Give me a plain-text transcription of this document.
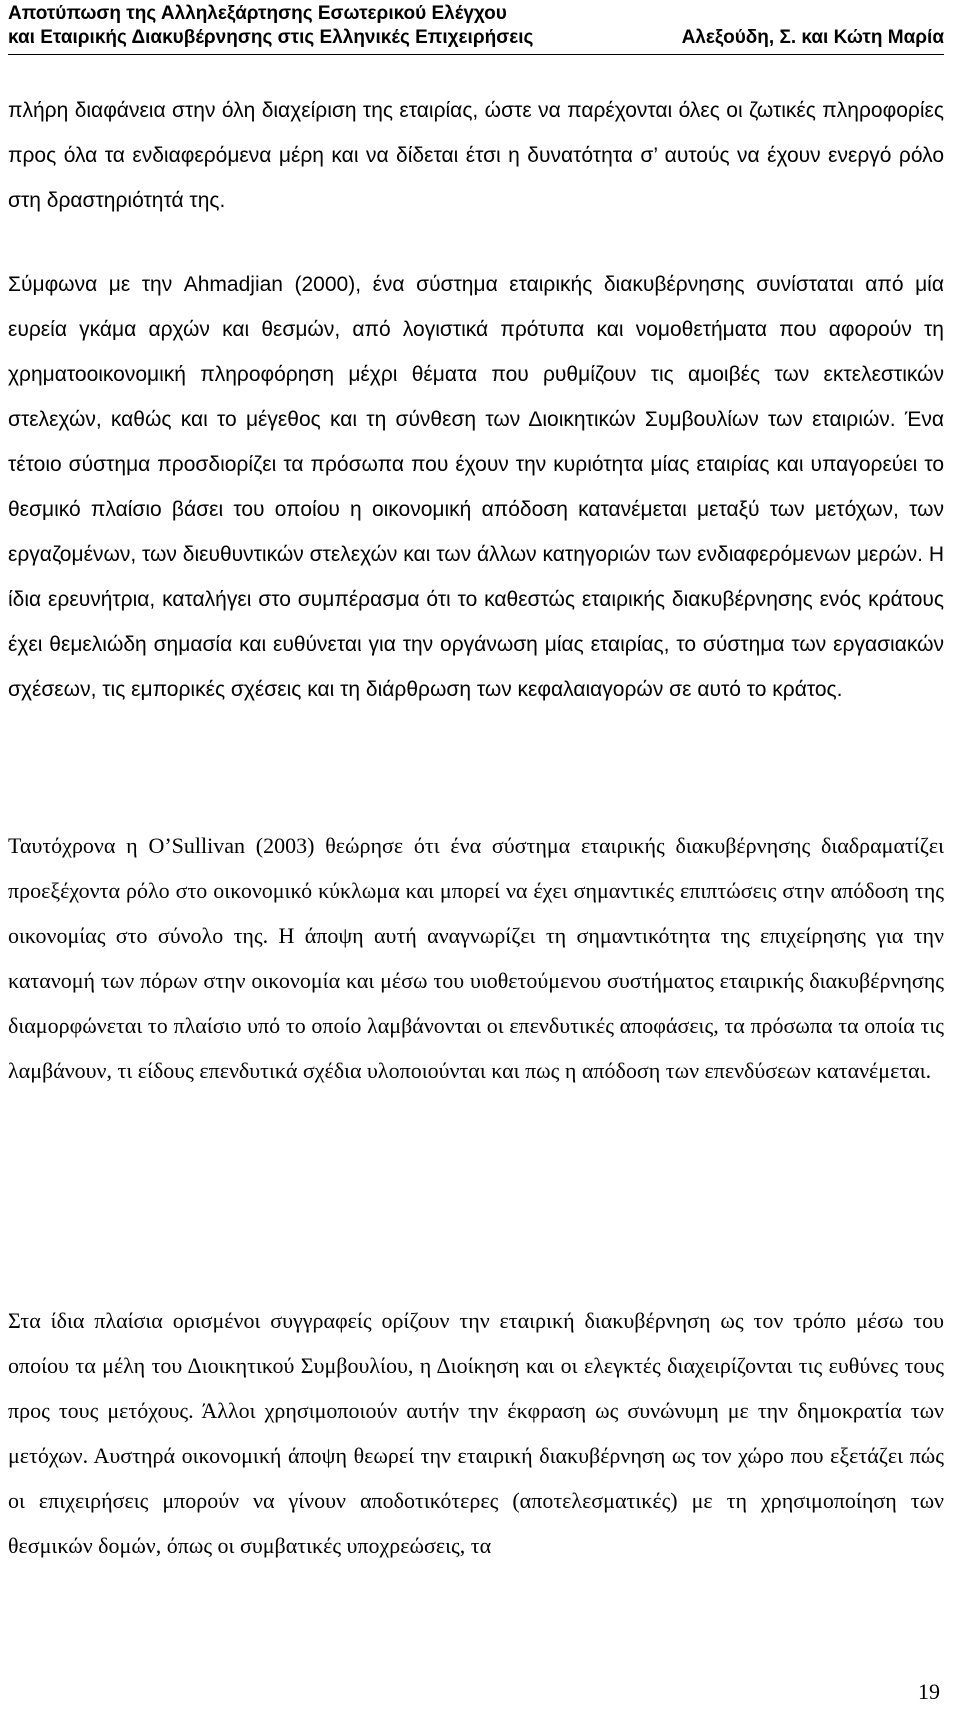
Αποτύπωση της Αλληλεξάρτησης Εσωτερικού Ελέγχου
και Εταιρικής Διακυβέρνησης στις Ελληνικές Επιχειρήσεις	Αλεξούδη, Σ. και Κώτη Μαρία

πλήρη διαφάνεια στην όλη διαχείριση της εταιρίας, ώστε να παρέχονται όλες οι ζωτικές πληροφορίες προς όλα τα ενδιαφερόμενα μέρη και να δίδεται έτσι η δυνατότητα σ’ αυτούς να έχουν ενεργό ρόλο στη δραστηριότητά της.

Σύμφωνα με την Ahmadjian (2000), ένα σύστημα εταιρικής διακυβέρνησης συνίσταται από μία ευρεία γκάμα αρχών και θεσμών, από λογιστικά πρότυπα και νομοθετήματα που αφορούν τη χρηματοοικονομική πληροφόρηση μέχρι θέματα που ρυθμίζουν τις αμοιβές των εκτελεστικών στελεχών, καθώς και το μέγεθος και τη σύνθεση των Διοικητικών Συμβουλίων των εταιριών. Ένα τέτοιο σύστημα προσδιορίζει τα πρόσωπα που έχουν την κυριότητα μίας εταιρίας και υπαγορεύει το θεσμικό πλαίσιο βάσει του οποίου η οικονομική απόδοση κατανέμεται μεταξύ των μετόχων, των εργαζομένων, των διευθυντικών στελεχών και των άλλων κατηγοριών των ενδιαφερόμενων μερών. Η ίδια ερευνήτρια, καταλήγει στο συμπέρασμα ότι το καθεστώς εταιρικής διακυβέρνησης ενός κράτους έχει θεμελιώδη σημασία και ευθύνεται για την οργάνωση μίας εταιρίας, το σύστημα των εργασιακών σχέσεων, τις εμπορικές σχέσεις και τη διάρθρωση των κεφαλαιαγορών σε αυτό το κράτος.

Ταυτόχρονα η O’Sullivan (2003) θεώρησε ότι ένα σύστημα εταιρικής διακυβέρνησης διαδραματίζει προεξέχοντα ρόλο στο οικονομικό κύκλωμα και μπορεί να έχει σημαντικές επιπτώσεις στην απόδοση της οικονομίας στο σύνολο της. Η άποψη αυτή αναγνωρίζει τη σημαντικότητα της επιχείρησης για την κατανομή των πόρων στην οικονομία και μέσω του υιοθετούμενου συστήματος εταιρικής διακυβέρνησης διαμορφώνεται το πλαίσιο υπό το οποίο λαμβάνονται οι επενδυτικές αποφάσεις, τα πρόσωπα τα οποία τις λαμβάνουν, τι είδους επενδυτικά σχέδια υλοποιούνται και πως η απόδοση των επενδύσεων κατανέμεται.

Στα ίδια πλαίσια ορισμένοι συγγραφείς ορίζουν την εταιρική διακυβέρνηση ως τον τρόπο μέσω του οποίου τα μέλη του Διοικητικού Συμβουλίου, η Διοίκηση και οι ελεγκτές διαχειρίζονται τις ευθύνες τους προς τους μετόχους. Άλλοι χρησιμοποιούν αυτήν την έκφραση ως συνώνυμη με την δημοκρατία των μετόχων. Αυστηρά οικονομική άποψη θεωρεί την εταιρική διακυβέρνηση ως τον χώρο που εξετάζει πώς οι επιχειρήσεις μπορούν να γίνουν αποδοτικότερες (αποτελεσματικές) με τη χρησιμοποίηση των θεσμικών δομών, όπως οι συμβατικές υποχρεώσεις, τα

19
